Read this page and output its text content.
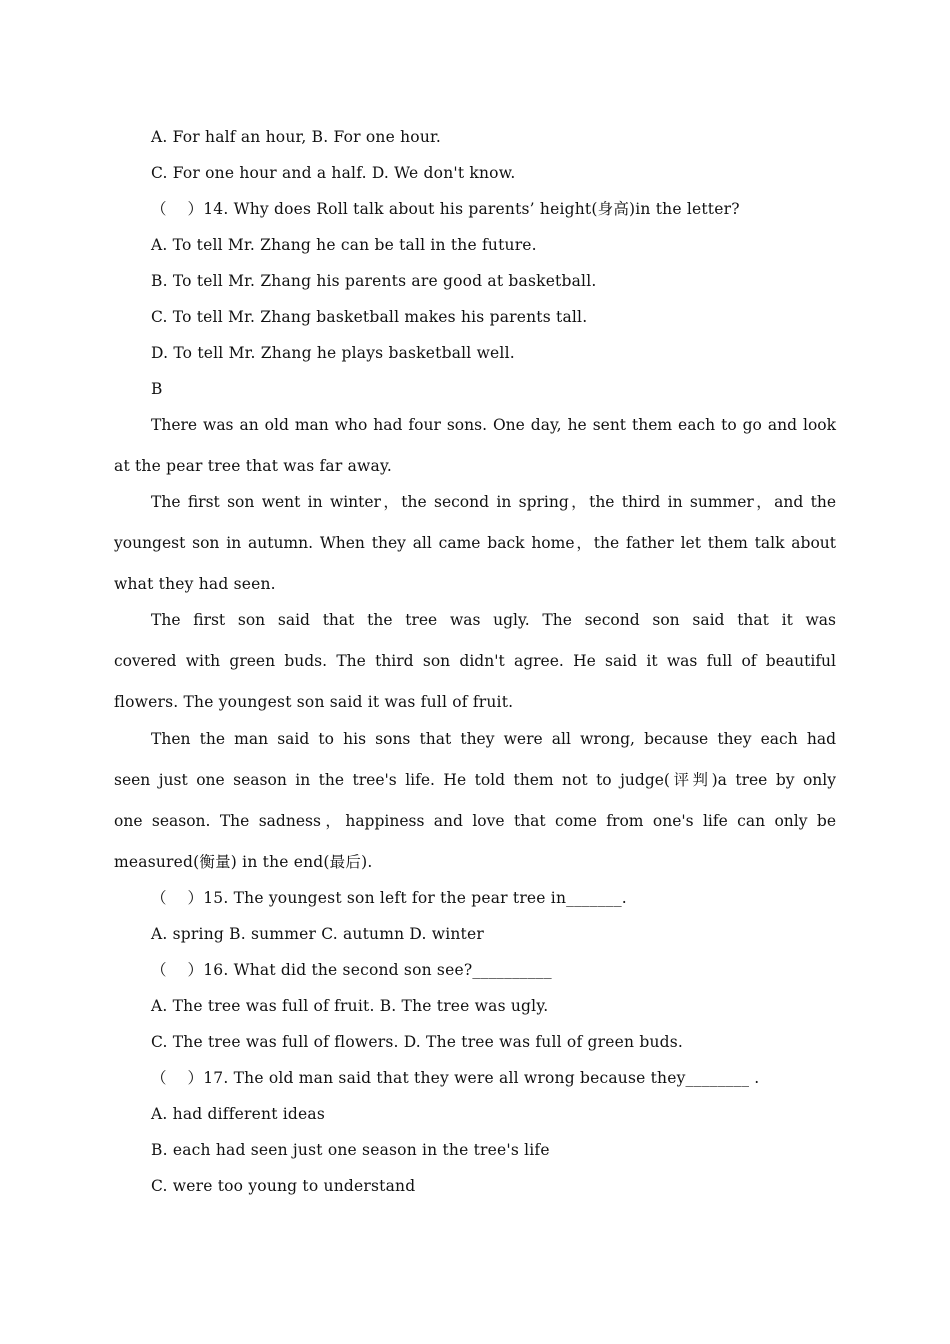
A. For half an hour, B. For one hour.
C. For one hour and a half. D. We don't know.
（　 ）14. Why does Roll talk about his parents’ height(身高)in the letter?
A. To tell Mr. Zhang he can be tall in the future.
B. To tell Mr. Zhang his parents are good at basketball.
C. To tell Mr. Zhang basketball makes his parents tall.
D. To tell Mr. Zhang he plays basketball well.
B
There was an old man who had four sons. One day, he sent them each to go and look
at the pear tree that was far away.
The first son went in winter，the second in spring，the third in summer，and the
youngest son in autumn. When they all came back home，the father let them talk about
what they had seen.
The first son said that the tree was ugly. The second son said that it was
covered with green buds. The third son didn't agree. He said it was full of beautiful
flowers. The youngest son said it was full of fruit.
Then the man said to his sons that they were all wrong, because they each had
seen just one season in the tree's life. He told them not to judge(评判)a tree by only
one season. The sadness，happiness and love that come from one's life can only be
measured(衡量) in the end(最后).
（　 ）15. The youngest son left for the pear tree in_______.
A. spring B. summer C. autumn D. winter
（　 ）16. What did the second son see?__________
A. The tree was full of fruit. B. The tree was ugly.
C. The tree was full of flowers. D. The tree was full of green buds.
（　 ）17. The old man said that they were all wrong because they________ .
A. had different ideas
B. each had seen just one season in the tree's life
C. were too young to understand
